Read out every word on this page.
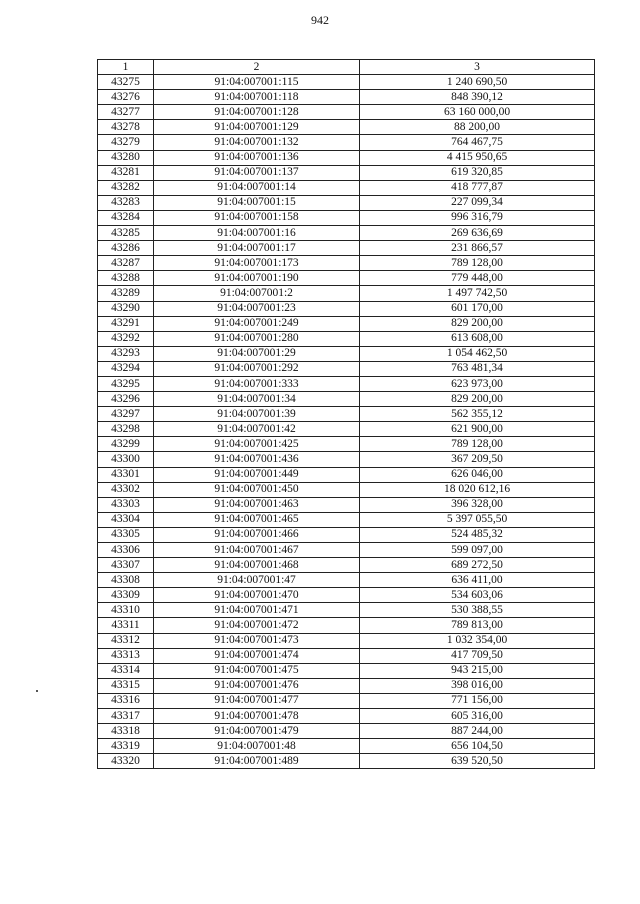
942
1	2	3
43275	91:04:007001:115	1 240 690,50
43276	91:04:007001:118	848 390,12
43277	91:04:007001:128	63 160 000,00
43278	91:04:007001:129	88 200,00
43279	91:04:007001:132	764 467,75
43280	91:04:007001:136	4 415 950,65
43281	91:04:007001:137	619 320,85
43282	91:04:007001:14	418 777,87
43283	91:04:007001:15	227 099,34
43284	91:04:007001:158	996 316,79
43285	91:04:007001:16	269 636,69
43286	91:04:007001:17	231 866,57
43287	91:04:007001:173	789 128,00
43288	91:04:007001:190	779 448,00
43289	91:04:007001:2	1 497 742,50
43290	91:04:007001:23	601 170,00
43291	91:04:007001:249	829 200,00
43292	91:04:007001:280	613 608,00
43293	91:04:007001:29	1 054 462,50
43294	91:04:007001:292	763 481,34
43295	91:04:007001:333	623 973,00
43296	91:04:007001:34	829 200,00
43297	91:04:007001:39	562 355,12
43298	91:04:007001:42	621 900,00
43299	91:04:007001:425	789 128,00
43300	91:04:007001:436	367 209,50
43301	91:04:007001:449	626 046,00
43302	91:04:007001:450	18 020 612,16
43303	91:04:007001:463	396 328,00
43304	91:04:007001:465	5 397 055,50
43305	91:04:007001:466	524 485,32
43306	91:04:007001:467	599 097,00
43307	91:04:007001:468	689 272,50
43308	91:04:007001:47	636 411,00
43309	91:04:007001:470	534 603,06
43310	91:04:007001:471	530 388,55
43311	91:04:007001:472	789 813,00
43312	91:04:007001:473	1 032 354,00
43313	91:04:007001:474	417 709,50
43314	91:04:007001:475	943 215,00
43315	91:04:007001:476	398 016,00
43316	91:04:007001:477	771 156,00
43317	91:04:007001:478	605 316,00
43318	91:04:007001:479	887 244,00
43319	91:04:007001:48	656 104,50
43320	91:04:007001:489	639 520,50
